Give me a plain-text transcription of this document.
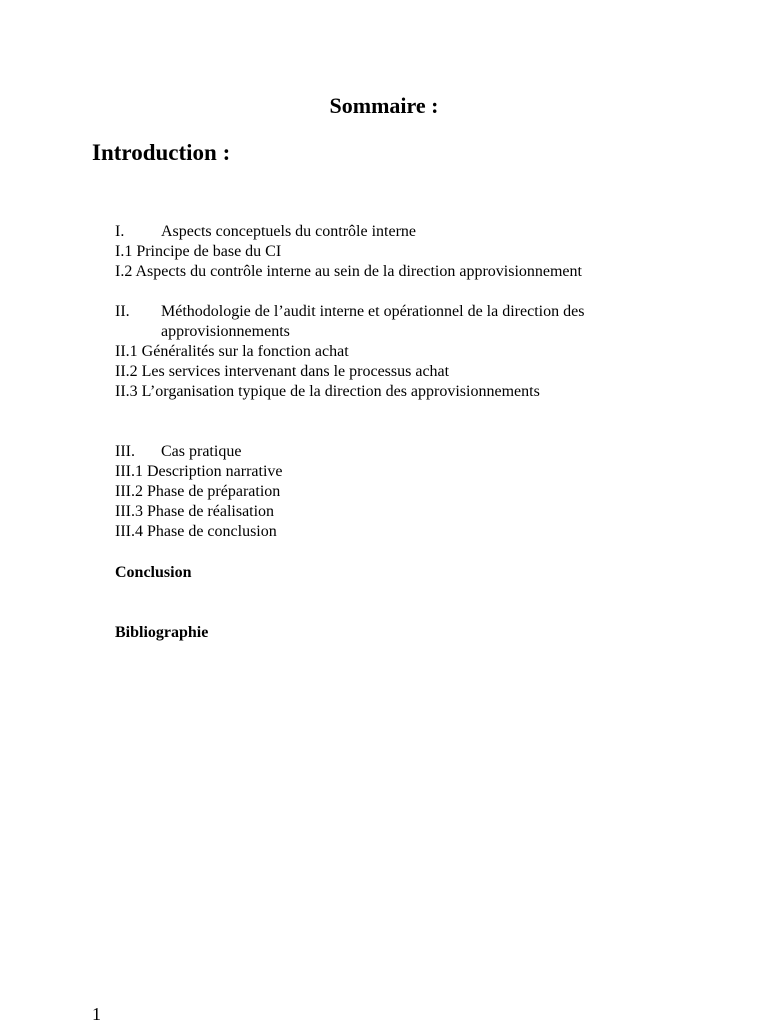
Sommaire :
Introduction :
I. Aspects conceptuels du contrôle interne
I.1 Principe de base du CI
I.2 Aspects du contrôle interne au sein de la direction approvisionnement
II. Méthodologie de l’audit interne et opérationnel de la direction des
approvisionnements
II.1 Généralités sur la fonction achat
II.2 Les services intervenant dans le processus achat
II.3 L’organisation typique de la direction des approvisionnements
III. Cas pratique
III.1 Description narrative
III.2 Phase de préparation
III.3 Phase de réalisation
III.4 Phase de conclusion
Conclusion
Bibliographie
1
